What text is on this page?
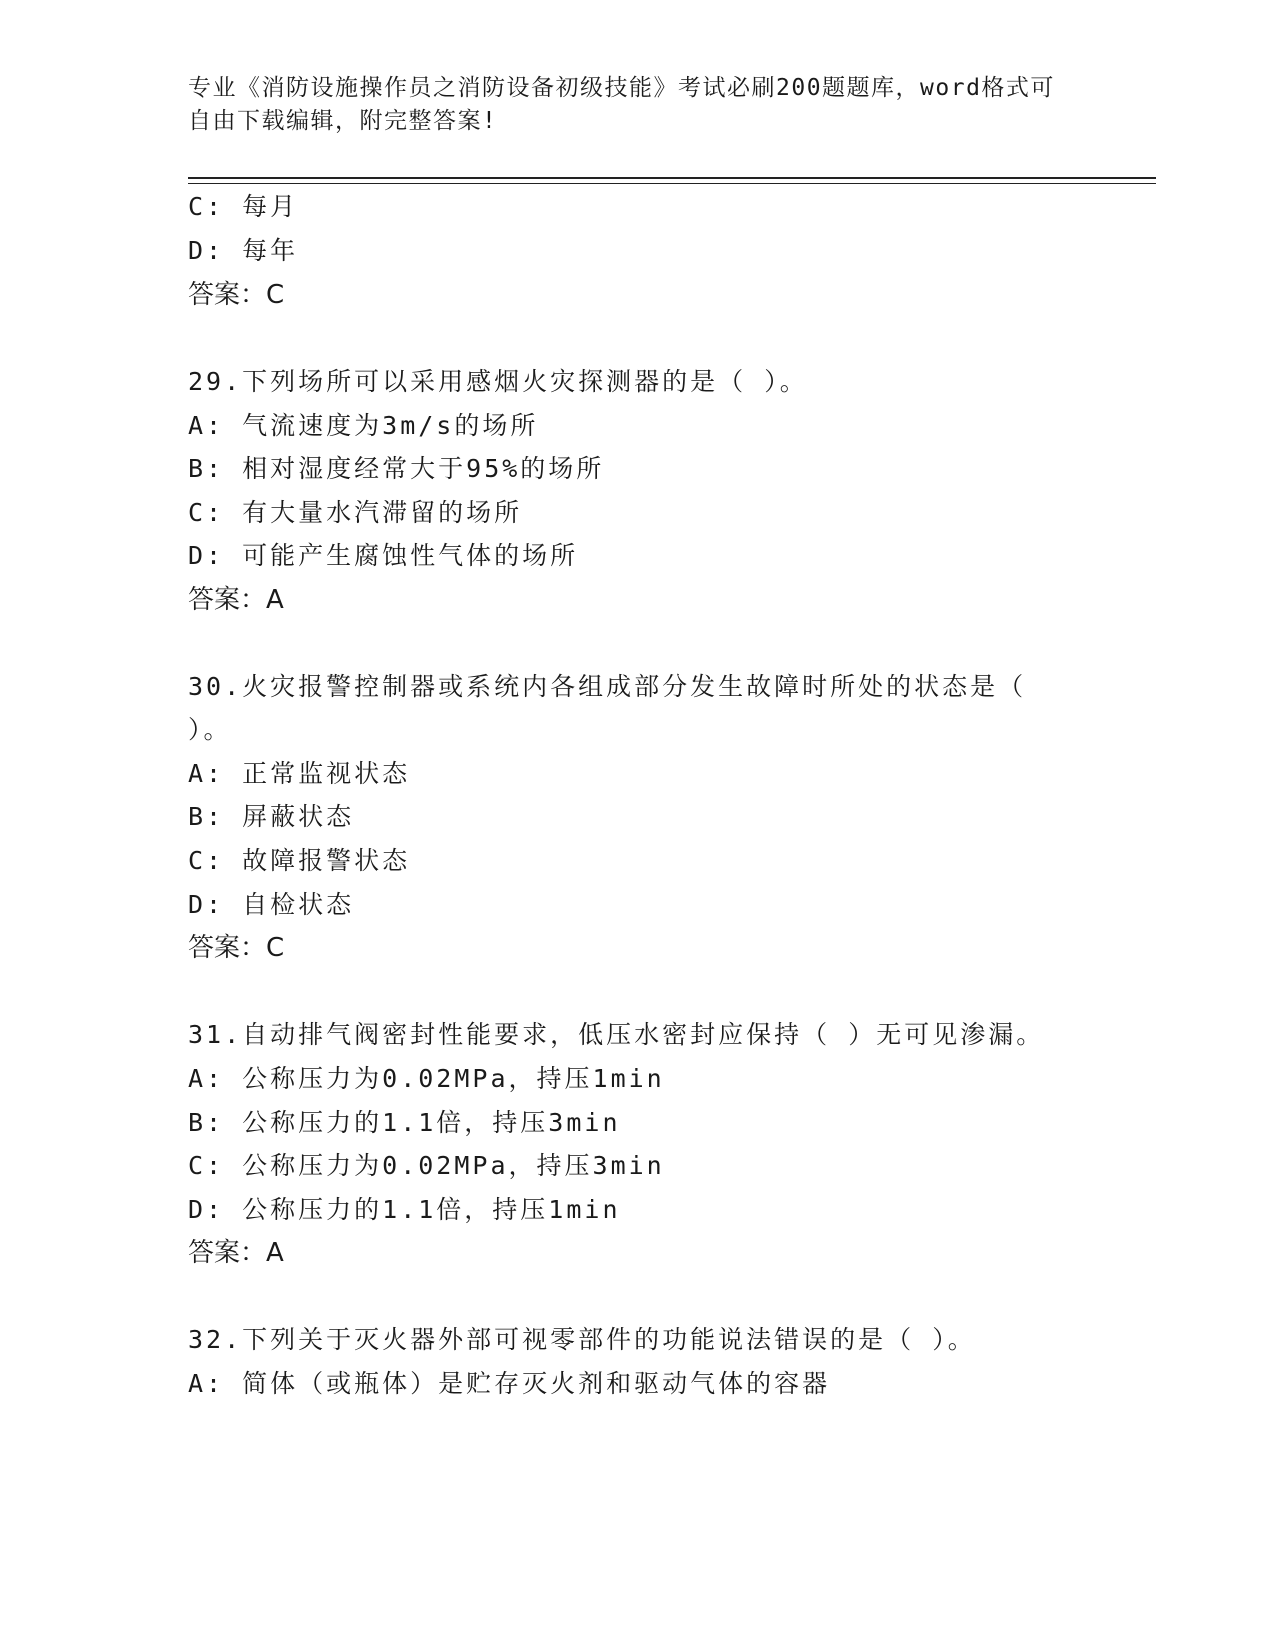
专业《消防设施操作员之消防设备初级技能》考试必刷200题题库，word格式可
自由下载编辑，附完整答案!

C: 每月

D: 每年

答案：C

29.下列场所可以采用感烟火灾探测器的是（ ）。

A: 气流速度为3m/s的场所

B: 相对湿度经常大于95%的场所

C: 有大量水汽滞留的场所

D: 可能产生腐蚀性气体的场所

答案：A

30.火灾报警控制器或系统内各组成部分发生故障时所处的状态是（

）。

A: 正常监视状态

B: 屏蔽状态

C: 故障报警状态

D: 自检状态

答案：C

31.自动排气阀密封性能要求，低压水密封应保持（ ）无可见渗漏。

A: 公称压力为0.02MPa，持压1min

B: 公称压力的1.1倍，持压3min

C: 公称压力为0.02MPa，持压3min

D: 公称压力的1.1倍，持压1min

答案：A

32.下列关于灭火器外部可视零部件的功能说法错误的是（ ）。

A: 简体（或瓶体）是贮存灭火剂和驱动气体的容器
